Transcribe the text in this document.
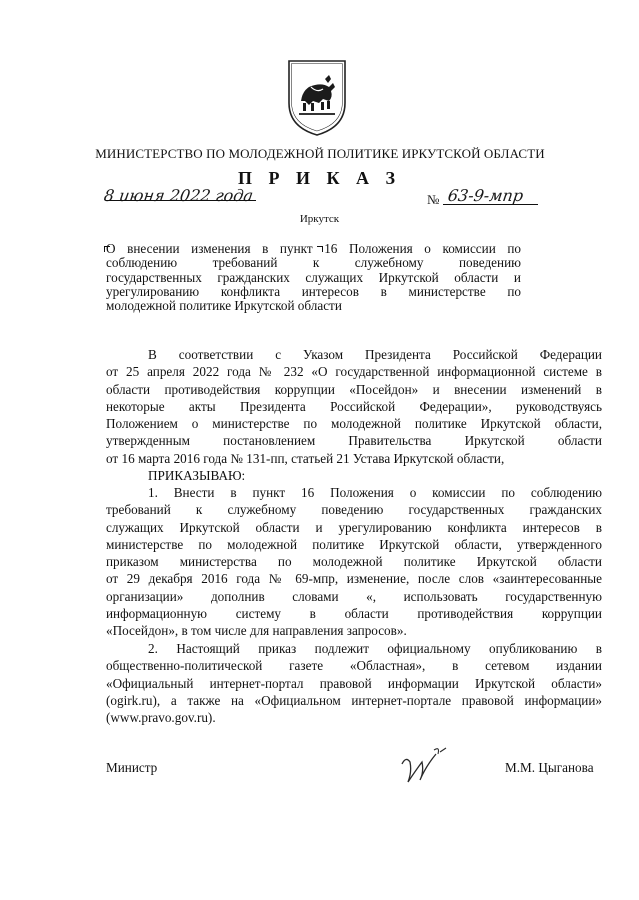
МИНИСТЕРСТВО ПО МОЛОДЕЖНОЙ ПОЛИТИКЕ ИРКУТСКОЙ ОБЛАСТИ
П Р И К А З
8 июня 2022 года	№ 63-9-мпр
Иркутск
О внесении изменения в пункт 16 Положения о комиссии по
соблюдению требований к служебному поведению
государственных гражданских служащих Иркутской области и
урегулированию конфликта интересов в министерстве по
молодежной политике Иркутской области
В соответствии с Указом Президента Российской Федерации
от 25 апреля 2022 года № 232 «О государственной информационной системе в
области противодействия коррупции «Посейдон» и внесении изменений в
некоторые акты Президента Российской Федерации», руководствуясь
Положением о министерстве по молодежной политике Иркутской области,
утвержденным постановлением Правительства Иркутской области
от 16 марта 2016 года № 131-пп, статьей 21 Устава Иркутской области,
ПРИКАЗЫВАЮ:
1. Внести в пункт 16 Положения о комиссии по соблюдению
требований к служебному поведению государственных гражданских
служащих Иркутской области и урегулированию конфликта интересов в
министерстве по молодежной политике Иркутской области, утвержденного
приказом министерства по молодежной политике Иркутской области
от 29 декабря 2016 года № 69-мпр, изменение, после слов «заинтересованные
организации» дополнив словами «, использовать государственную
информационную систему в области противодействия коррупции
«Посейдон», в том числе для направления запросов».
2. Настоящий приказ подлежит официальному опубликованию в
общественно-политической газете «Областная», в сетевом издании
«Официальный интернет-портал правовой информации Иркутской области»
(ogirk.ru), а также на «Официальном интернет-портале правовой информации»
(www.pravo.gov.ru).
Министр	М.М. Цыганова
